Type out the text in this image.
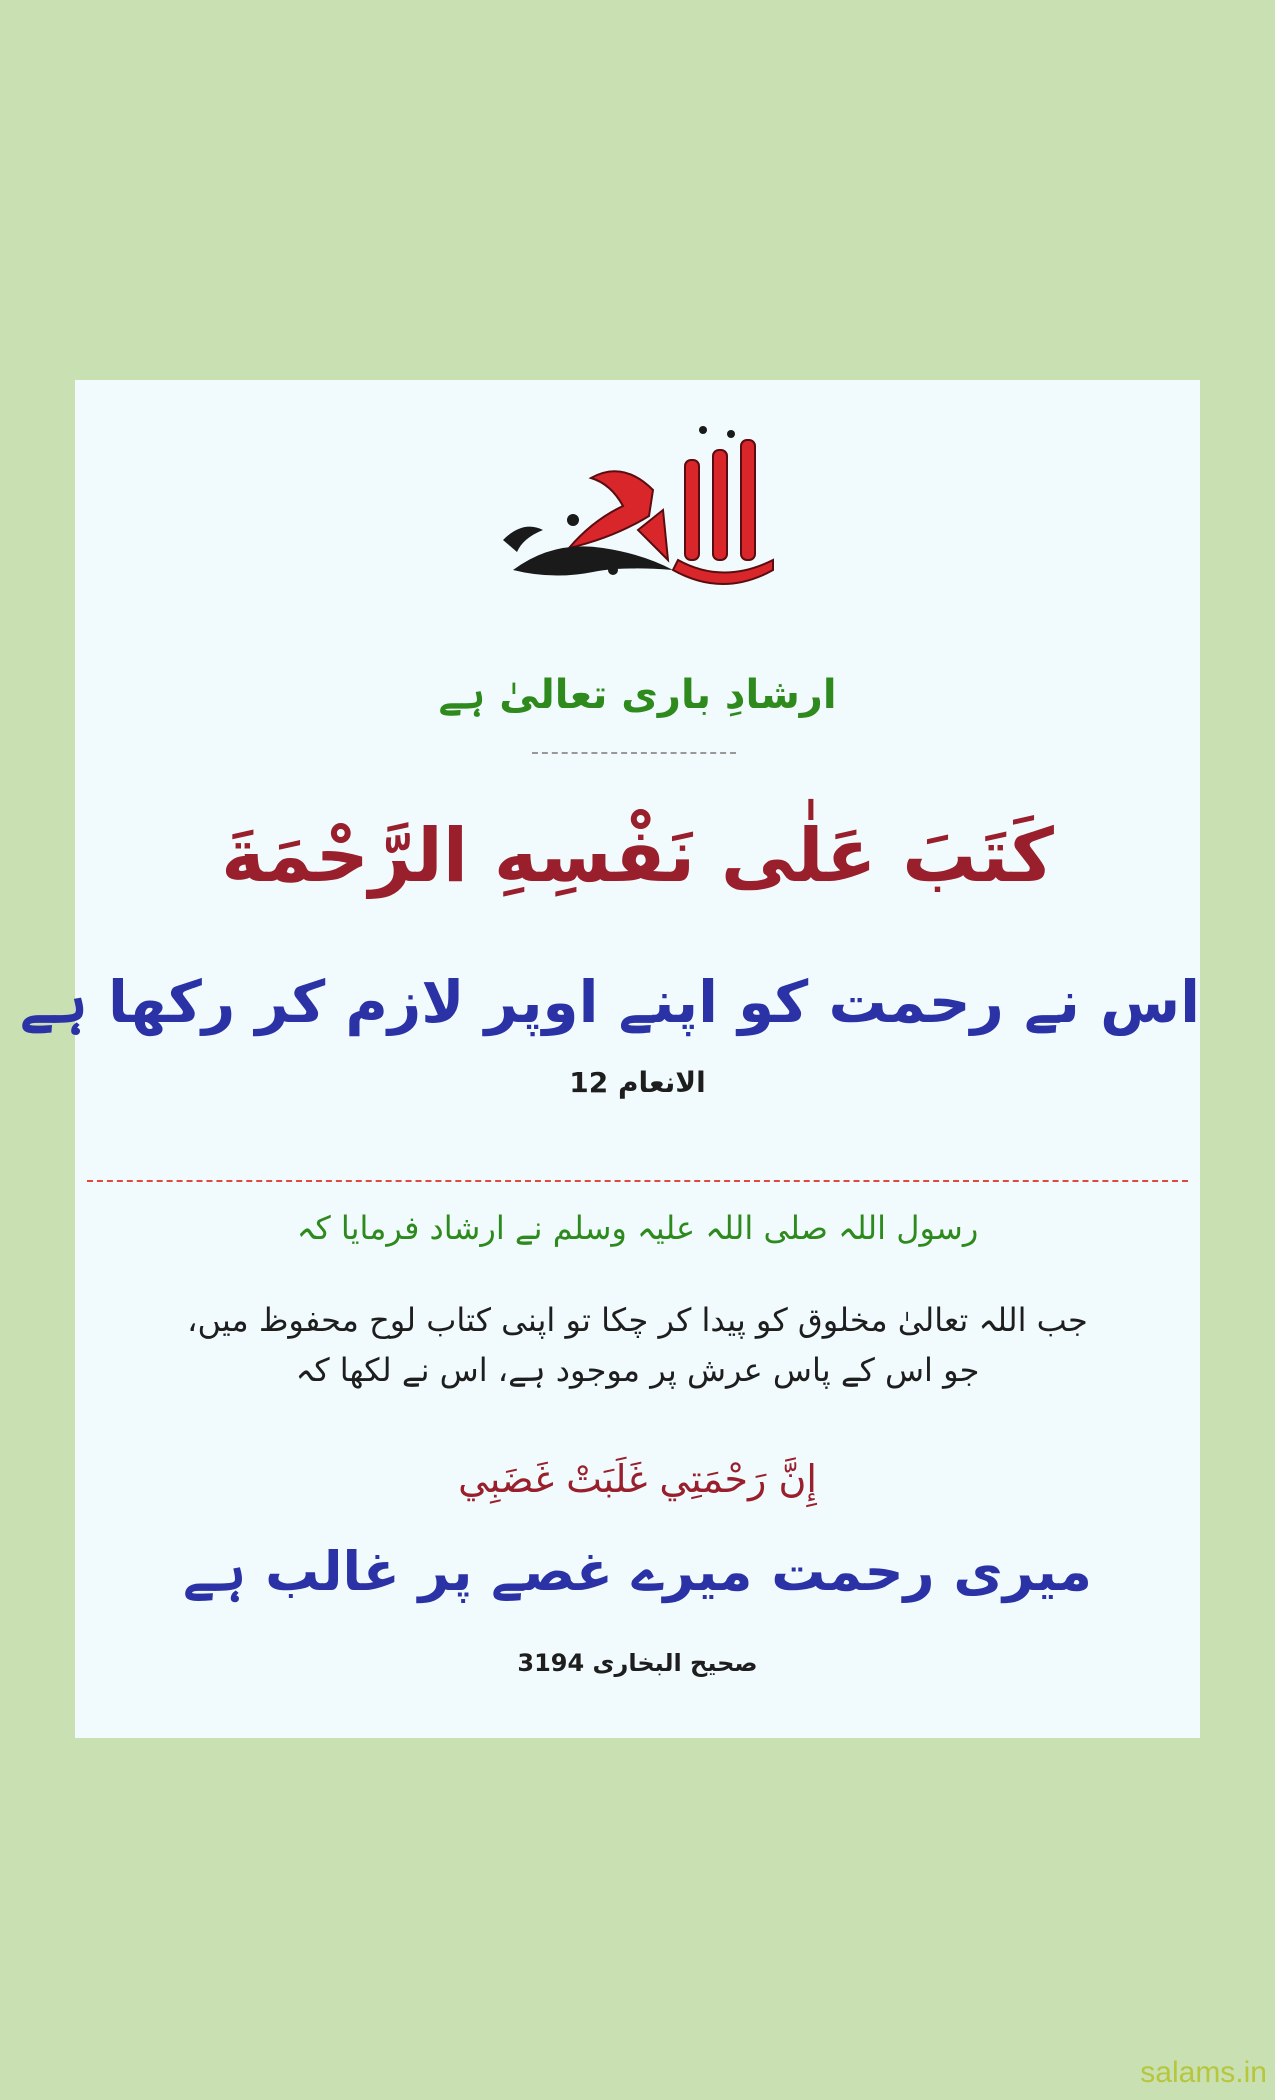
ارشادِ باری تعالیٰ ہے
كَتَبَ عَلٰى نَفْسِهِ الرَّحْمَةَ
اس نے رحمت کو اپنے اوپر لازم کر رکھا ہے
الانعام 12
رسول اللہ صلی اللہ علیہ وسلم نے ارشاد فرمایا کہ
جب اللہ تعالیٰ مخلوق کو پیدا کر چکا تو اپنی کتاب لوح محفوظ میں،
جو اس کے پاس عرش پر موجود ہے، اس نے لکھا کہ
إِنَّ رَحْمَتِي غَلَبَتْ غَضَبِي
میری رحمت میرے غصے پر غالب ہے
صحیح البخاری 3194
salams.in
